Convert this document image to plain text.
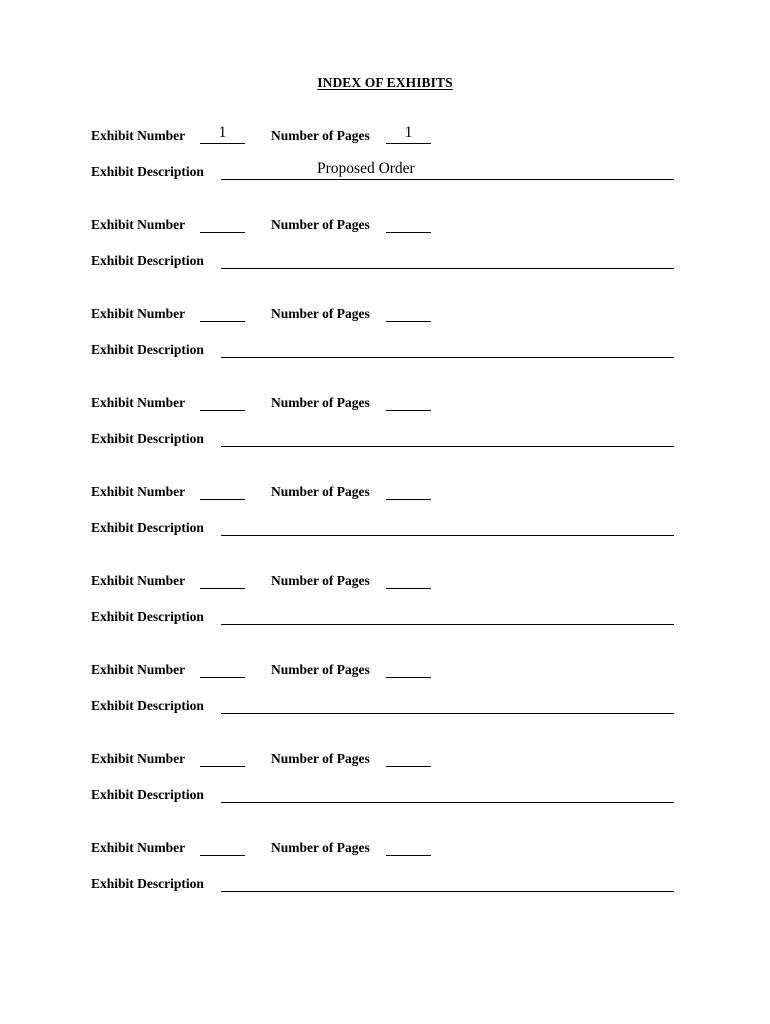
INDEX OF EXHIBITS
Exhibit Number	1	Number of Pages	1
Exhibit Description	Proposed Order
Exhibit Number	Number of Pages
Exhibit Description
Exhibit Number	Number of Pages
Exhibit Description
Exhibit Number	Number of Pages
Exhibit Description
Exhibit Number	Number of Pages
Exhibit Description
Exhibit Number	Number of Pages
Exhibit Description
Exhibit Number	Number of Pages
Exhibit Description
Exhibit Number	Number of Pages
Exhibit Description
Exhibit Number	Number of Pages
Exhibit Description
